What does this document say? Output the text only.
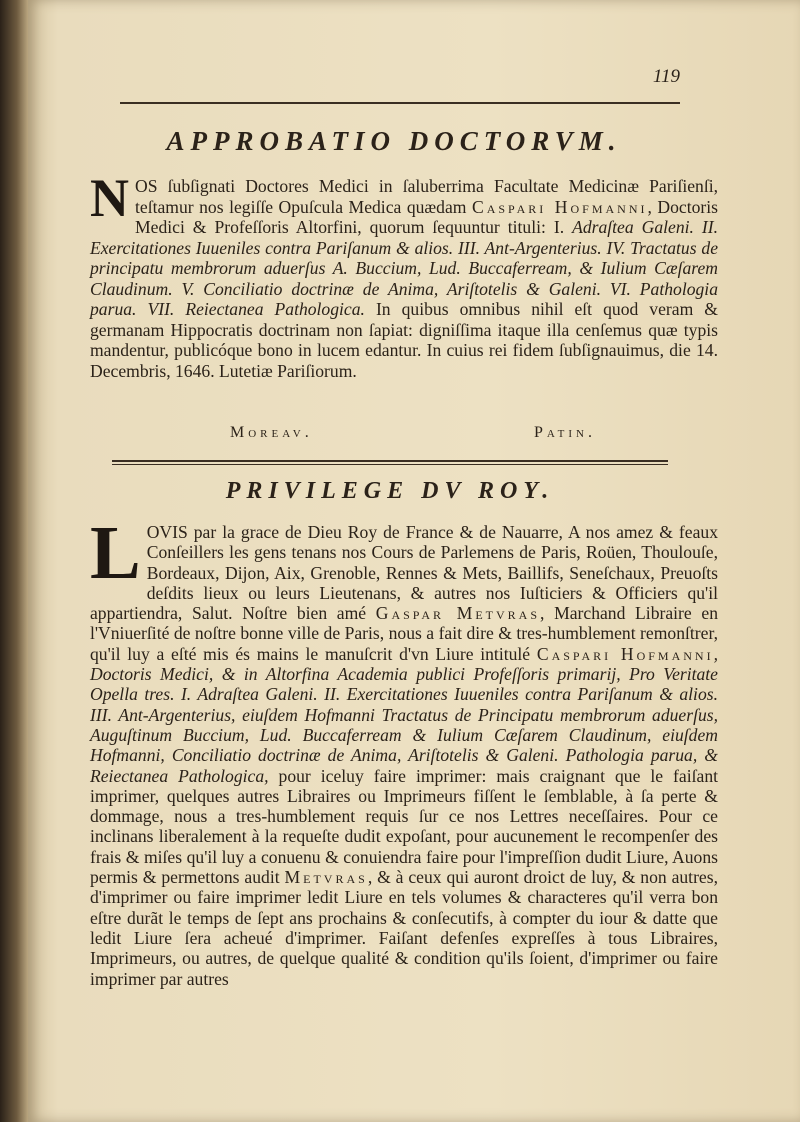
119
APPROBATIO DOCTORVM.
NOS ſubſignati Doctores Medici in ſaluberrima Facultate Medicinæ Pariſienſi, teſtamur nos legiſſe Opuſcula Medica quædam Caspari Hofmanni, Doctoris Medici & Profeſſoris Altorfini, quorum ſequuntur tituli: I. Adraſtea Galeni. II. Exercitationes Iuueniles contra Pariſanum & alios. III. Ant-Argenterius. IV. Tractatus de principatu membrorum aduerſus A. Buccium, Lud. Buccaferream, & Iulium Cæſarem Claudinum. V. Conciliatio doctrinæ de Anima, Ariſtotelis & Galeni. VI. Pathologia parua. VII. Reiectanea Pathologica. In quibus omnibus nihil eſt quod veram & germanam Hippocratis doctrinam non ſapiat: digniſſima itaque illa cenſemus quæ typis mandentur, publicóque bono in lucem edantur. In cuius rei fidem ſubſignauimus, die 14. Decembris, 1646. Lutetiæ Pariſiorum.
Moreav.	Patin.
PRIVILEGE DV ROY.
LOVIS par la grace de Dieu Roy de France & de Nauarre, A nos amez & feaux Conſeillers les gens tenans nos Cours de Parlemens de Paris, Roüen, Thoulouſe, Bordeaux, Dijon, Aix, Grenoble, Rennes & Mets, Baillifs, Seneſchaux, Preuoſts deſdits lieux ou leurs Lieutenans, & autres nos Iuſticiers & Officiers qu'il appartiendra, Salut. Noſtre bien amé Gaspar Metvras, Marchand Libraire en l'Vniuerſité de noſtre bonne ville de Paris, nous a fait dire & tres-humblement remonſtrer, qu'il luy a eſté mis és mains le manuſcrit d'vn Liure intitulé Caspari Hofmanni, Doctoris Medici, & in Altorfina Academia publici Profeſſoris primarij, Pro Veritate Opella tres. I. Adraſtea Galeni. II. Exercitationes Iuueniles contra Pariſanum & alios. III. Ant-Argenterius, eiuſdem Hofmanni Tractatus de Principatu membrorum aduerſus, Auguſtinum Buccium, Lud. Buccaferream & Iulium Cæſarem Claudinum, eiuſdem Hofmanni, Conciliatio doctrinæ de Anima, Ariſtotelis & Galeni. Pathologia parua, & Reiectanea Pathologica, pour iceluy faire imprimer: mais craignant que le faiſant imprimer, quelques autres Libraires ou Imprimeurs fiſſent le ſemblable, à ſa perte & dommage, nous a tres-humblement requis ſur ce nos Lettres neceſſaires. Pour ce inclinans liberalement à la requeſte dudit expoſant, pour aucunement le recompenſer des frais & miſes qu'il luy a conuenu & conuiendra faire pour l'impreſſion dudit Liure, Auons permis & permettons audit Metvras, & à ceux qui auront droict de luy, & non autres, d'imprimer ou faire imprimer ledit Liure en tels volumes & characteres qu'il verra bon eſtre durãt le temps de ſept ans prochains & conſecutifs, à compter du iour & datte que ledit Liure ſera acheué d'imprimer. Faiſant defenſes expreſſes à tous Libraires, Imprimeurs, ou autres, de quelque qualité & condition qu'ils ſoient, d'imprimer ou faire imprimer par autres
